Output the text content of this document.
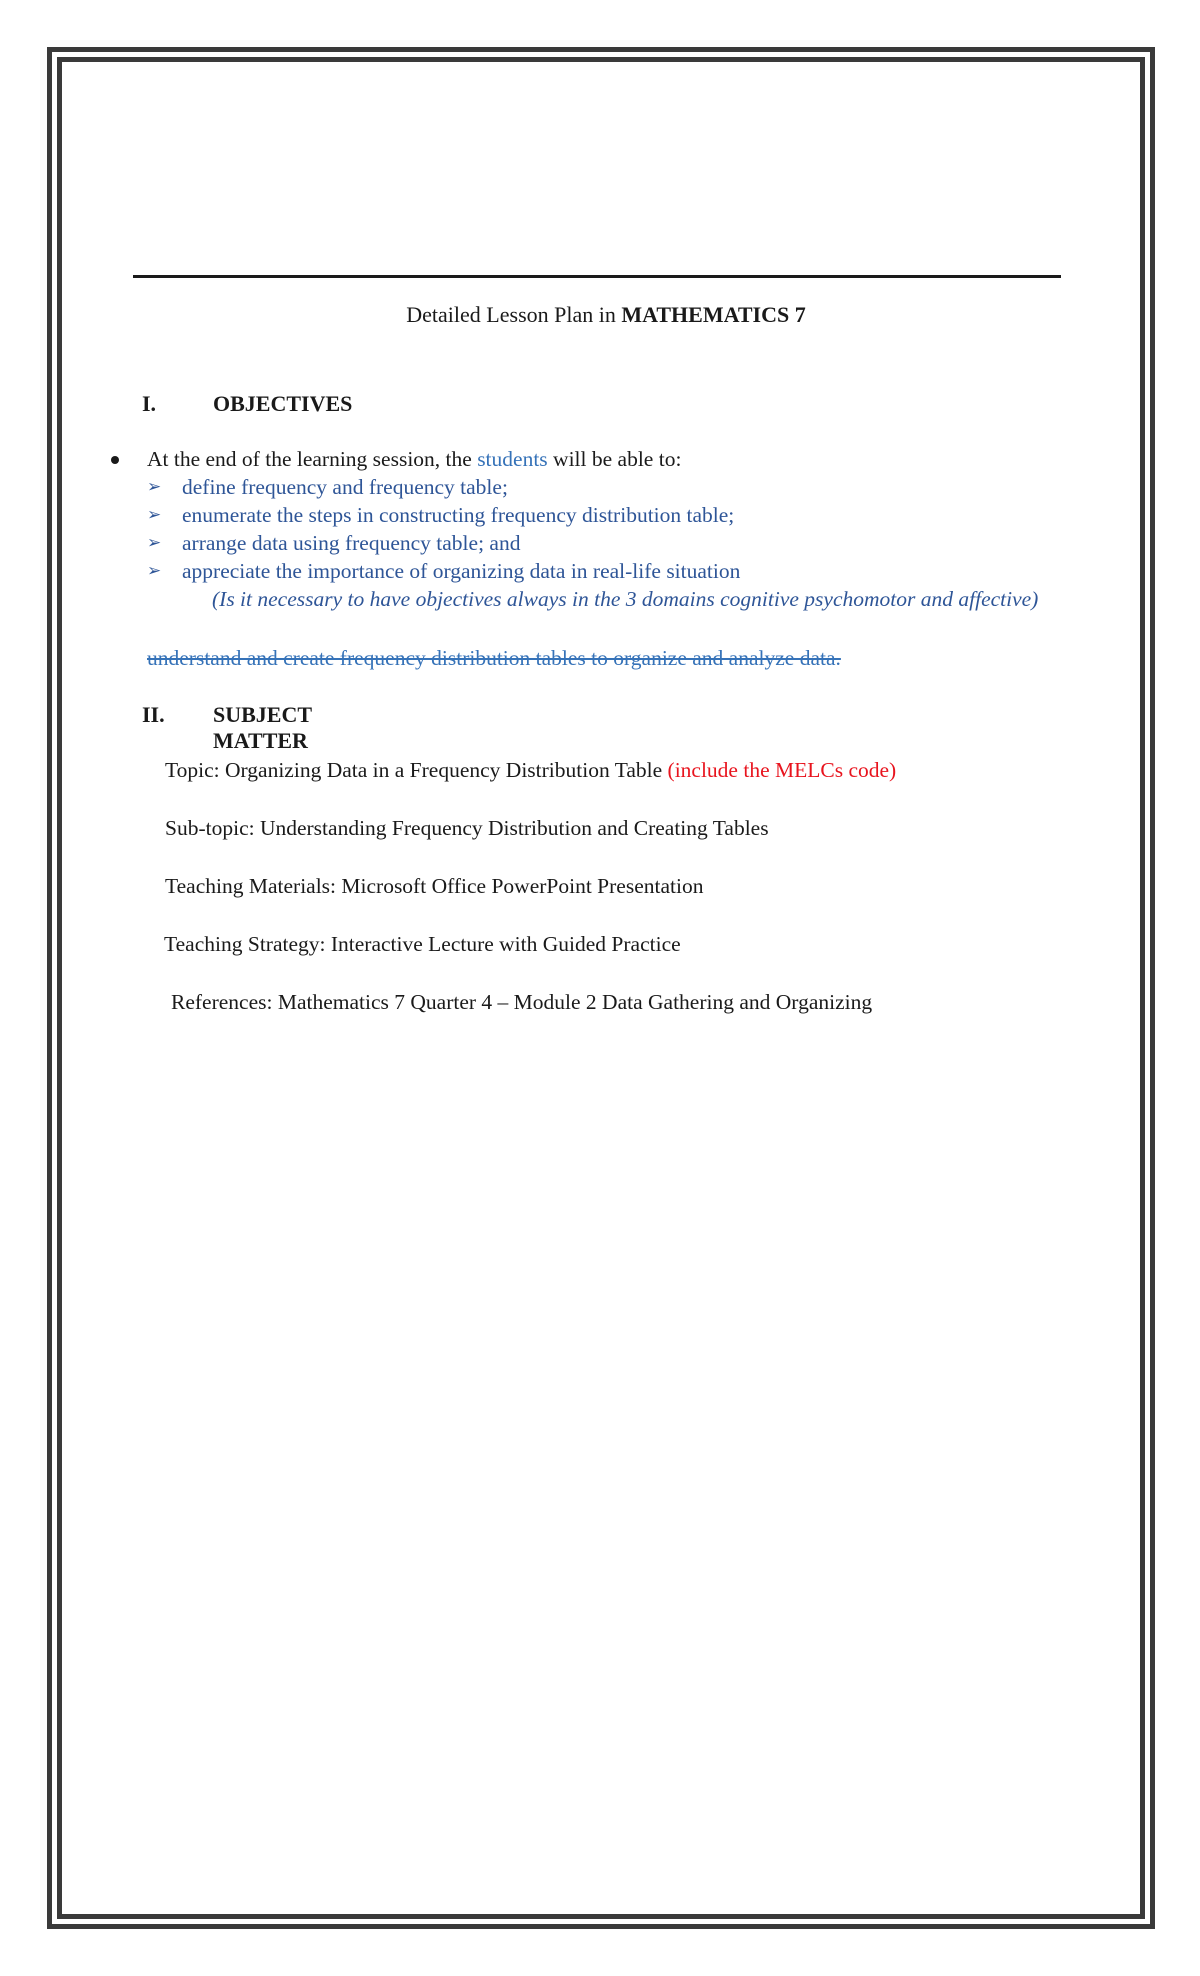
Detailed Lesson Plan in MATHEMATICS 7
I.	OBJECTIVES
At the end of the learning session, the students will be able to:
➢ define frequency and frequency table;
➢ enumerate the steps in constructing frequency distribution table;
➢ arrange data using frequency table; and
➢ appreciate the importance of organizing data in real-life situation
(Is it necessary to have objectives always in the 3 domains cognitive psychomotor and affective)
understand and create frequency distribution tables to organize and analyze data.
II. SUBJECT MATTER
Topic: Organizing Data in a Frequency Distribution Table (include the MELCs code)
Sub-topic: Understanding Frequency Distribution and Creating Tables
Teaching Materials: Microsoft Office PowerPoint Presentation
Teaching Strategy: Interactive Lecture with Guided Practice
References: Mathematics 7 Quarter 4 – Module 2 Data Gathering and Organizing
